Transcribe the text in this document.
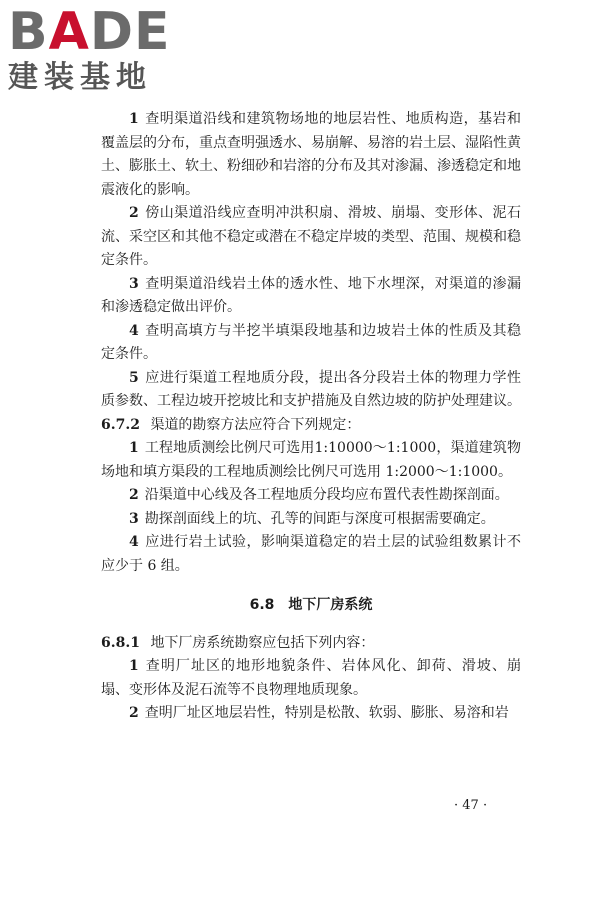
BADE
建装基地

1 查明渠道沿线和建筑物场地的地层岩性、地质构造，基岩和覆盖层的分布，重点查明强透水、易崩解、易溶的岩土层、湿陷性黄土、膨胀土、软土、粉细砂和岩溶的分布及其对渗漏、渗透稳定和地震液化的影响。

2 傍山渠道沿线应查明冲洪积扇、滑坡、崩塌、变形体、泥石流、采空区和其他不稳定或潜在不稳定岸坡的类型、范围、规模和稳定条件。

3 查明渠道沿线岩土体的透水性、地下水埋深，对渠道的渗漏和渗透稳定做出评价。

4 查明高填方与半挖半填渠段地基和边坡岩土体的性质及其稳定条件。

5 应进行渠道工程地质分段，提出各分段岩土体的物理力学性质参数、工程边坡开挖坡比和支护措施及自然边坡的防护处理建议。

6.7.2 渠道的勘察方法应符合下列规定：

1 工程地质测绘比例尺可选用1:10000～1:1000，渠道建筑物场地和填方渠段的工程地质测绘比例尺可选用 1:2000～1:1000。

2 沿渠道中心线及各工程地质分段均应布置代表性勘探剖面。

3 勘探剖面线上的坑、孔等的间距与深度可根据需要确定。

4 应进行岩土试验，影响渠道稳定的岩土层的试验组数累计不应少于 6 组。

6.8 地下厂房系统

6.8.1 地下厂房系统勘察应包括下列内容：

1 查明厂址区的地形地貌条件、岩体风化、卸荷、滑坡、崩塌、变形体及泥石流等不良物理地质现象。

2 查明厂址区地层岩性，特别是松散、软弱、膨胀、易溶和岩

· 47 ·
